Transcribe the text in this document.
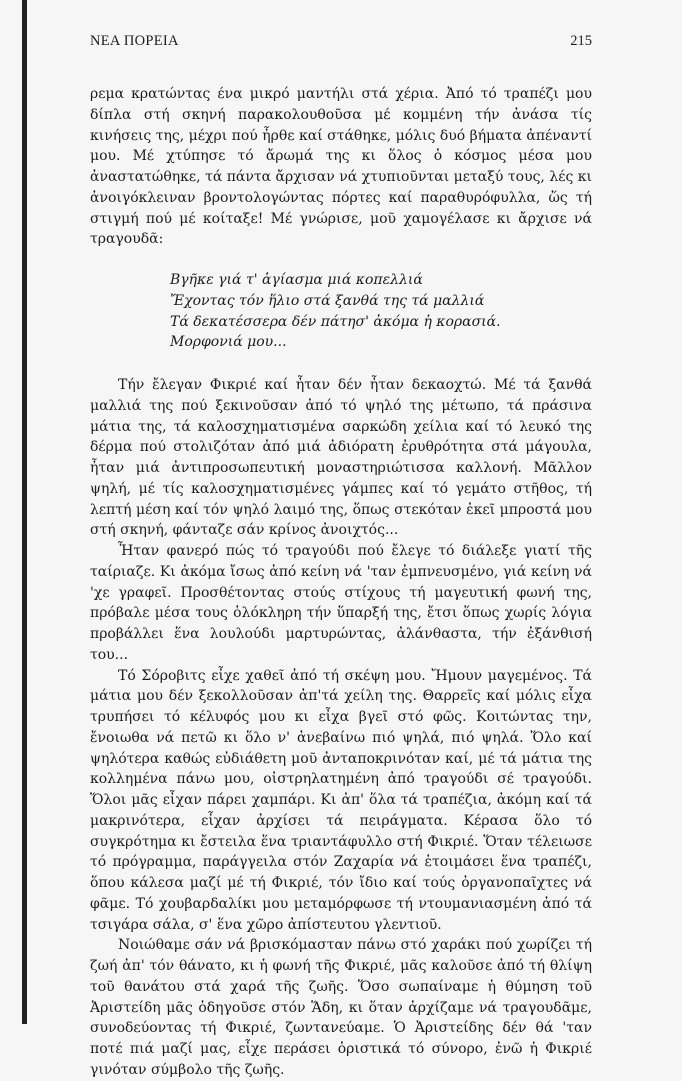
ΝΕΑ ΠΟΡΕΙΑ	215

ρεμα κρατώντας ένα μικρό μαντήλι στά χέρια. Ἀπό τό τραπέζι μου δίπλα στή σκηνή παρακολουθοῦσα μέ κομμένη τήν ἀνάσα τίς κινήσεις της, μέχρι πού ἦρθε καί στάθηκε, μόλις δυό βήματα ἀπέναντί μου. Μέ χτύπησε τό ἄρωμά της κι ὅλος ὁ κόσμος μέσα μου ἀναστατώθηκε, τά πάντα ἄρχισαν νά χτυπιοῦνται μεταξύ τους, λές κι ἀνοιγόκλειναν βροντολογώντας πόρτες καί παραθυρόφυλλα, ὥς τή στιγμή πού μέ κοίταξε! Μέ γνώρισε, μοῦ χαμογέλασε κι ἄρχισε νά τραγουδᾶ:

Βγῆκε γιά τ' ἁγίασμα μιά κοπελλιά
Ἔχοντας τόν ἥλιο στά ξανθά της τά μαλλιά
Τά δεκατέσσερα δέν πάτησ' ἀκόμα ἡ κορασιά.
Μορφονιά μου...

Τήν ἔλεγαν Φικριέ καί ἦταν δέν ἦταν δεκαοχτώ. Μέ τά ξανθά μαλλιά της πού ξεκινοῦσαν ἀπό τό ψηλό της μέτωπο, τά πράσινα μάτια της, τά καλοσχηματισμένα σαρκώδη χείλια καί τό λευκό της δέρμα πού στολιζόταν ἀπό μιά ἀδιόρατη ἐρυθρότητα στά μάγουλα, ἦταν μιά ἀντιπροσωπευτική μοναστηριώτισσα καλλονή. Μᾶλλον ψηλή, μέ τίς καλοσχηματισμένες γάμπες καί τό γεμάτο στῆθος, τή λεπτή μέση καί τόν ψηλό λαιμό της, ὅπως στεκόταν ἐκεῖ μπροστά μου στή σκηνή, φάνταζε σάν κρίνος ἀνοιχτός...

Ἦταν φανερό πώς τό τραγούδι πού ἔλεγε τό διάλεξε γιατί τῆς ταίριαζε. Κι ἀκόμα ἴσως ἀπό κείνη νά 'ταν ἐμπνευσμένο, γιά κείνη νά 'χε γραφεῖ. Προσθέτοντας στούς στίχους τή μαγευτική φωνή της, πρόβαλε μέσα τους ὁλόκληρη τήν ὕπαρξή της, ἔτσι ὅπως χωρίς λόγια προβάλλει ἕνα λουλούδι μαρτυρώντας, ἀλάνθαστα, τήν ἐξάνθισή του...

Τό Σόροβιτς εἶχε χαθεῖ ἀπό τή σκέψη μου. Ἤμουν μαγεμένος. Τά μάτια μου δέν ξεκολλοῦσαν ἀπ'τά χείλη της. Θαρρεῖς καί μόλις εἶχα τρυπήσει τό κέλυφός μου κι εἶχα βγεῖ στό φῶς. Κοιτώντας την, ἔνοιωθα νά πετῶ κι ὅλο ν' ἀνεβαίνω πιό ψηλά, πιό ψηλά. Ὅλο καί ψηλότερα καθώς εὐδιάθετη μοῦ ἀνταποκρινόταν καί, μέ τά μάτια της κολλημένα πάνω μου, οἰστρηλατημένη ἀπό τραγούδι σέ τραγούδι. Ὅλοι μᾶς εἶχαν πάρει χαμπάρι. Κι ἀπ' ὅλα τά τραπέζια, ἀκόμη καί τά μακρινότερα, εἶχαν ἀρχίσει τά πειράγματα. Κέρασα ὅλο τό συγκρότημα κι ἔστειλα ἕνα τριαντάφυλλο στή Φικριέ. Ὅταν τέλειωσε τό πρόγραμμα, παράγγειλα στόν Ζαχαρία νά ἑτοιμάσει ἕνα τραπέζι, ὅπου κάλεσα μαζί μέ τή Φικριέ, τόν ἴδιο καί τούς ὀργανοπαῖχτες νά φᾶμε. Τό χουβαρδαλίκι μου μεταμόρφωσε τή ντουμανιασμένη ἀπό τά τσιγάρα σάλα, σ' ἕνα χῶρο ἀπίστευτου γλεντιοῦ.

Νοιώθαμε σάν νά βρισκόμασταν πάνω στό χαράκι πού χωρίζει τή ζωή ἀπ' τόν θάνατο, κι ἡ φωνή τῆς Φικριέ, μᾶς καλοῦσε ἀπό τή θλίψη τοῦ θανάτου στά χαρά τῆς ζωῆς. Ὅσο σωπαίναμε ἡ θύμηση τοῦ Ἀριστείδη μᾶς ὁδηγοῦσε στόν Ἅδη, κι ὅταν ἀρχίζαμε νά τραγουδᾶμε, συνοδεύοντας τή Φικριέ, ζωντανεύαμε. Ὁ Ἀριστείδης δέν θά 'ταν ποτέ πιά μαζί μας, εἶχε περάσει ὁριστικά τό σύνορο, ἐνῶ ἡ Φικριέ γινόταν σύμβολο τῆς ζωῆς.
